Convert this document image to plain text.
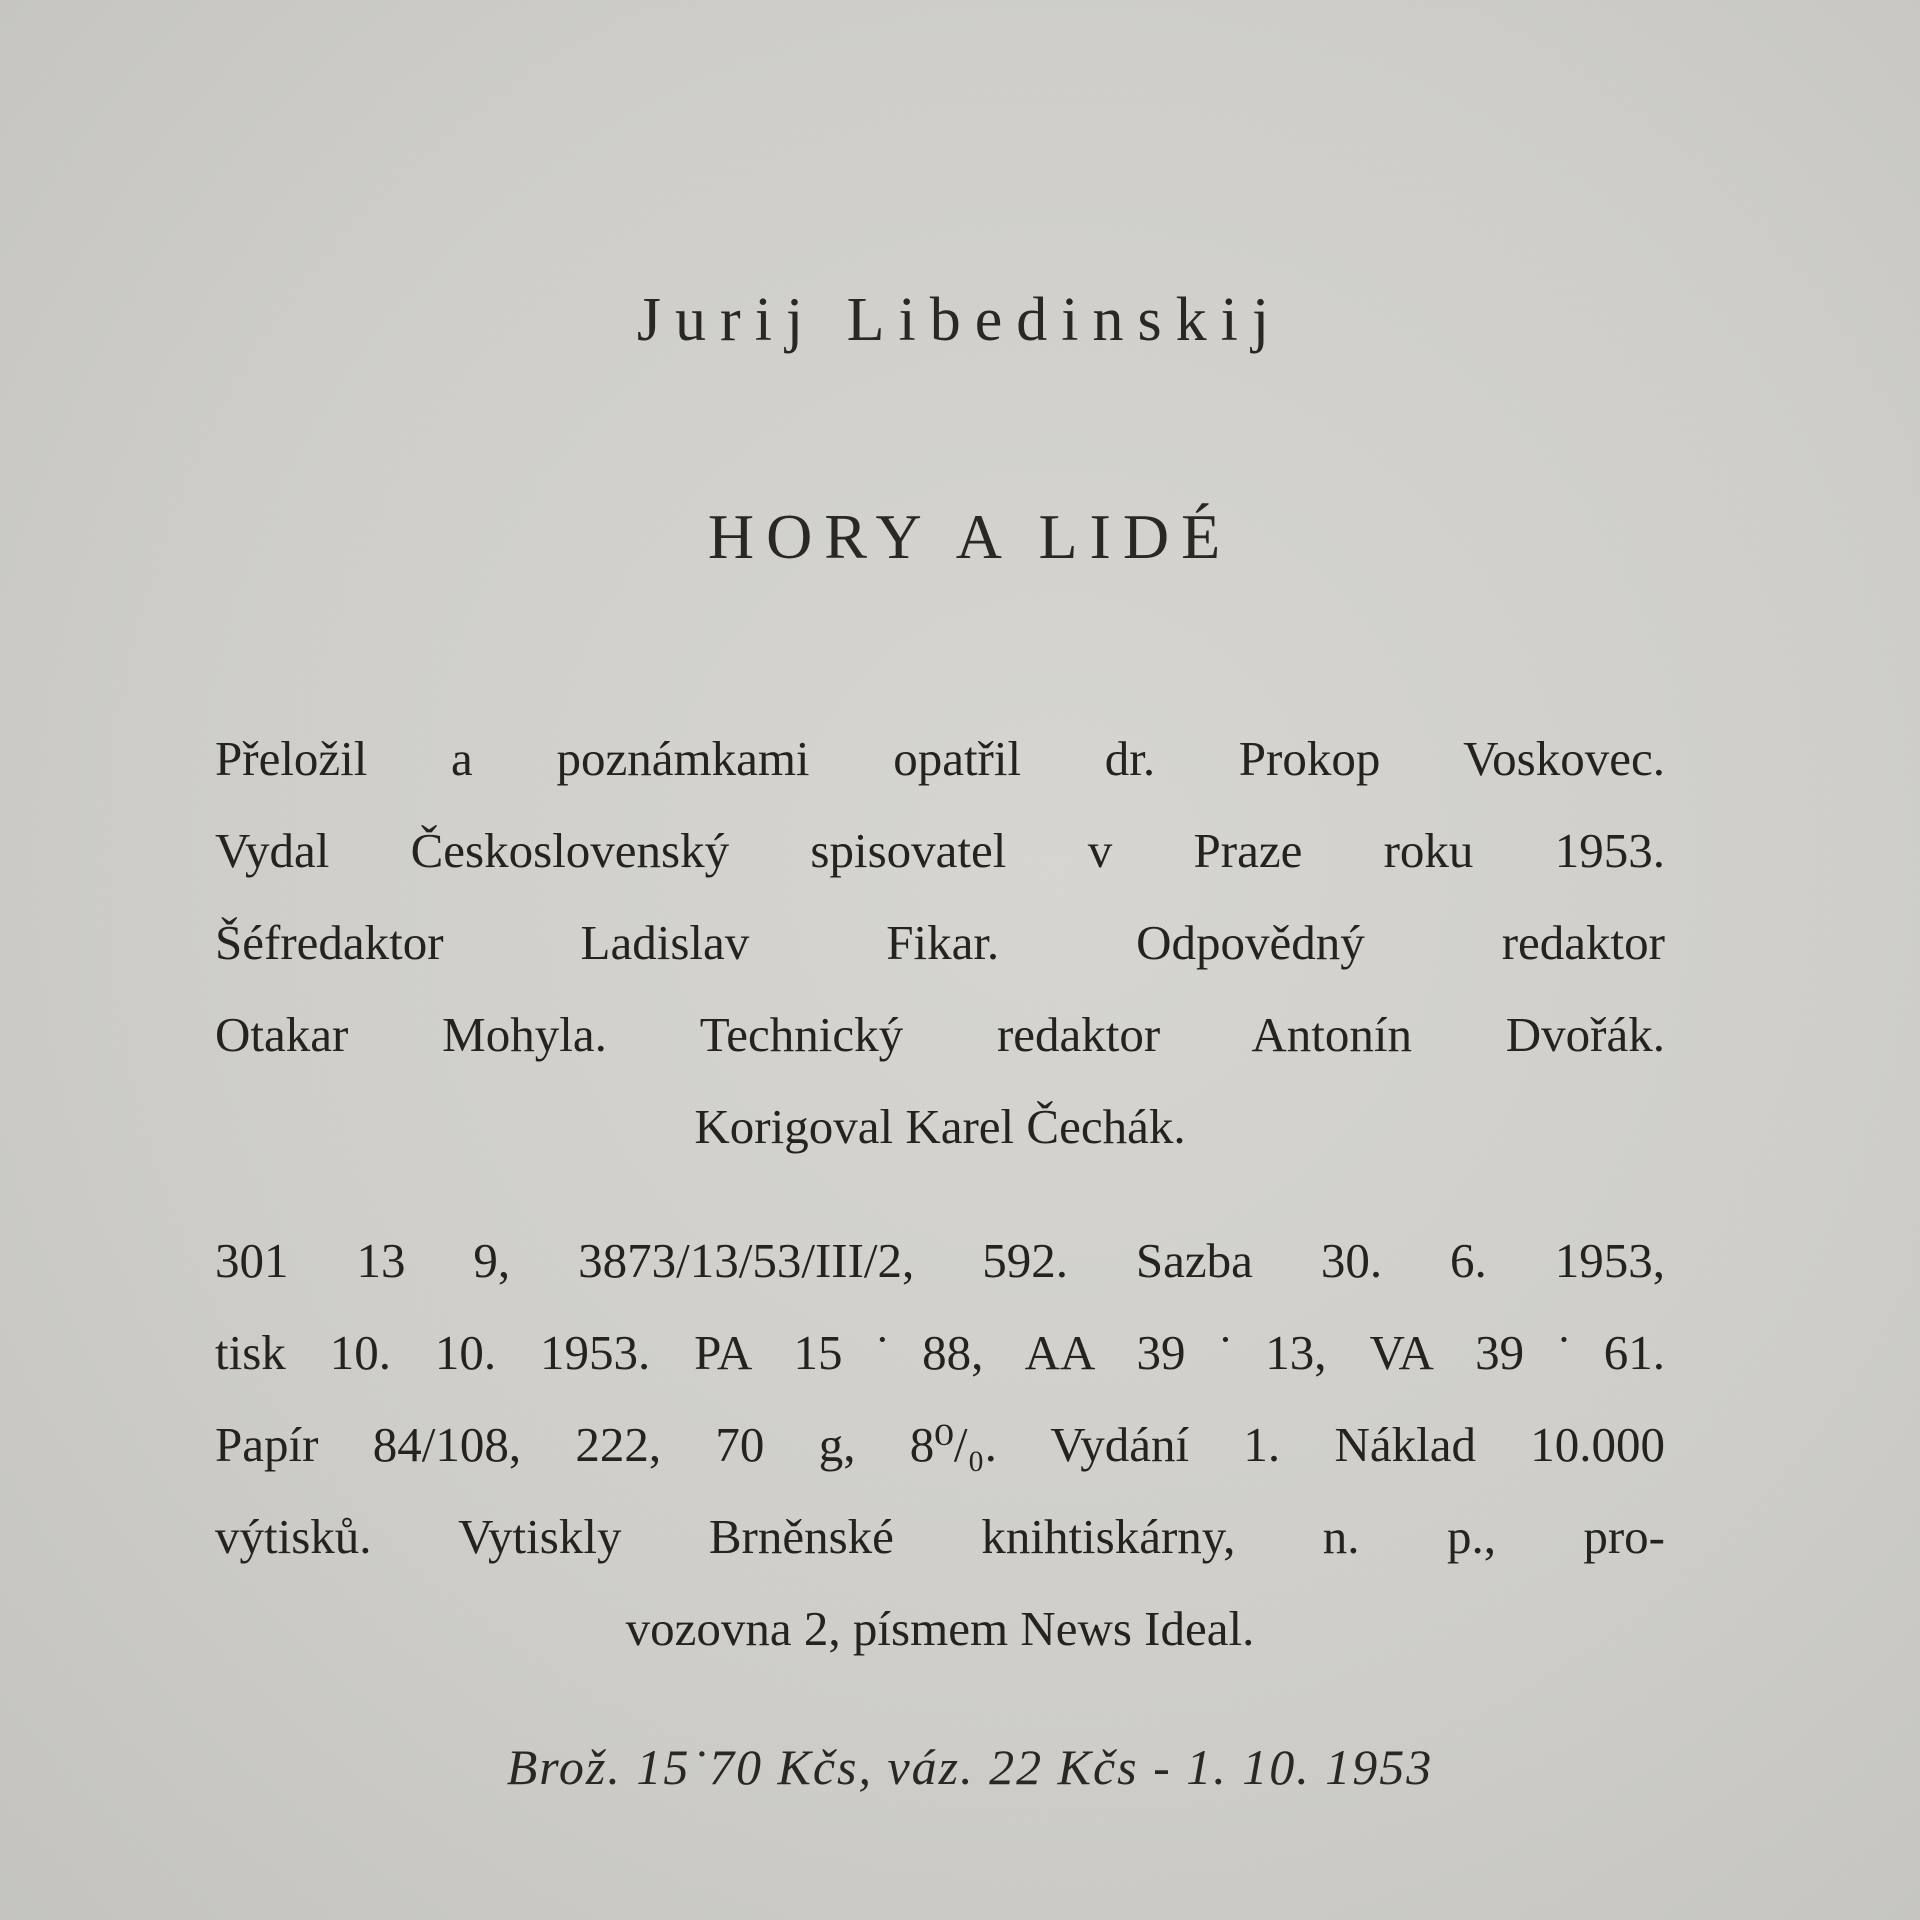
Jurij Libedinskij
HORY A LIDÉ

Přeložil a poznámkami opatřil dr. Prokop Voskovec.

Vydal Československý spisovatel v Praze roku 1953.

Šéfredaktor Ladislav Fikar. Odpovědný redaktor

Otakar Mohyla. Technický redaktor Antonín Dvořák.

Korigoval Karel Čechák.

301 13 9, 3873/13/53/III/2, 592. Sazba 30. 6. 1953,

tisk 10. 10. 1953. PA 15˙88, AA 39˙13, VA 39˙61.

Papír 84/108, 222, 70 g, 8⁰/₀. Vydání 1. Náklad 10.000

výtisků. Vytiskly Brněnské knihtiskárny, n. p., pro-

vozovna 2, písmem News Ideal.

Brož. 15˙70 Kčs, váz. 22 Kčs - 1. 10. 1953
